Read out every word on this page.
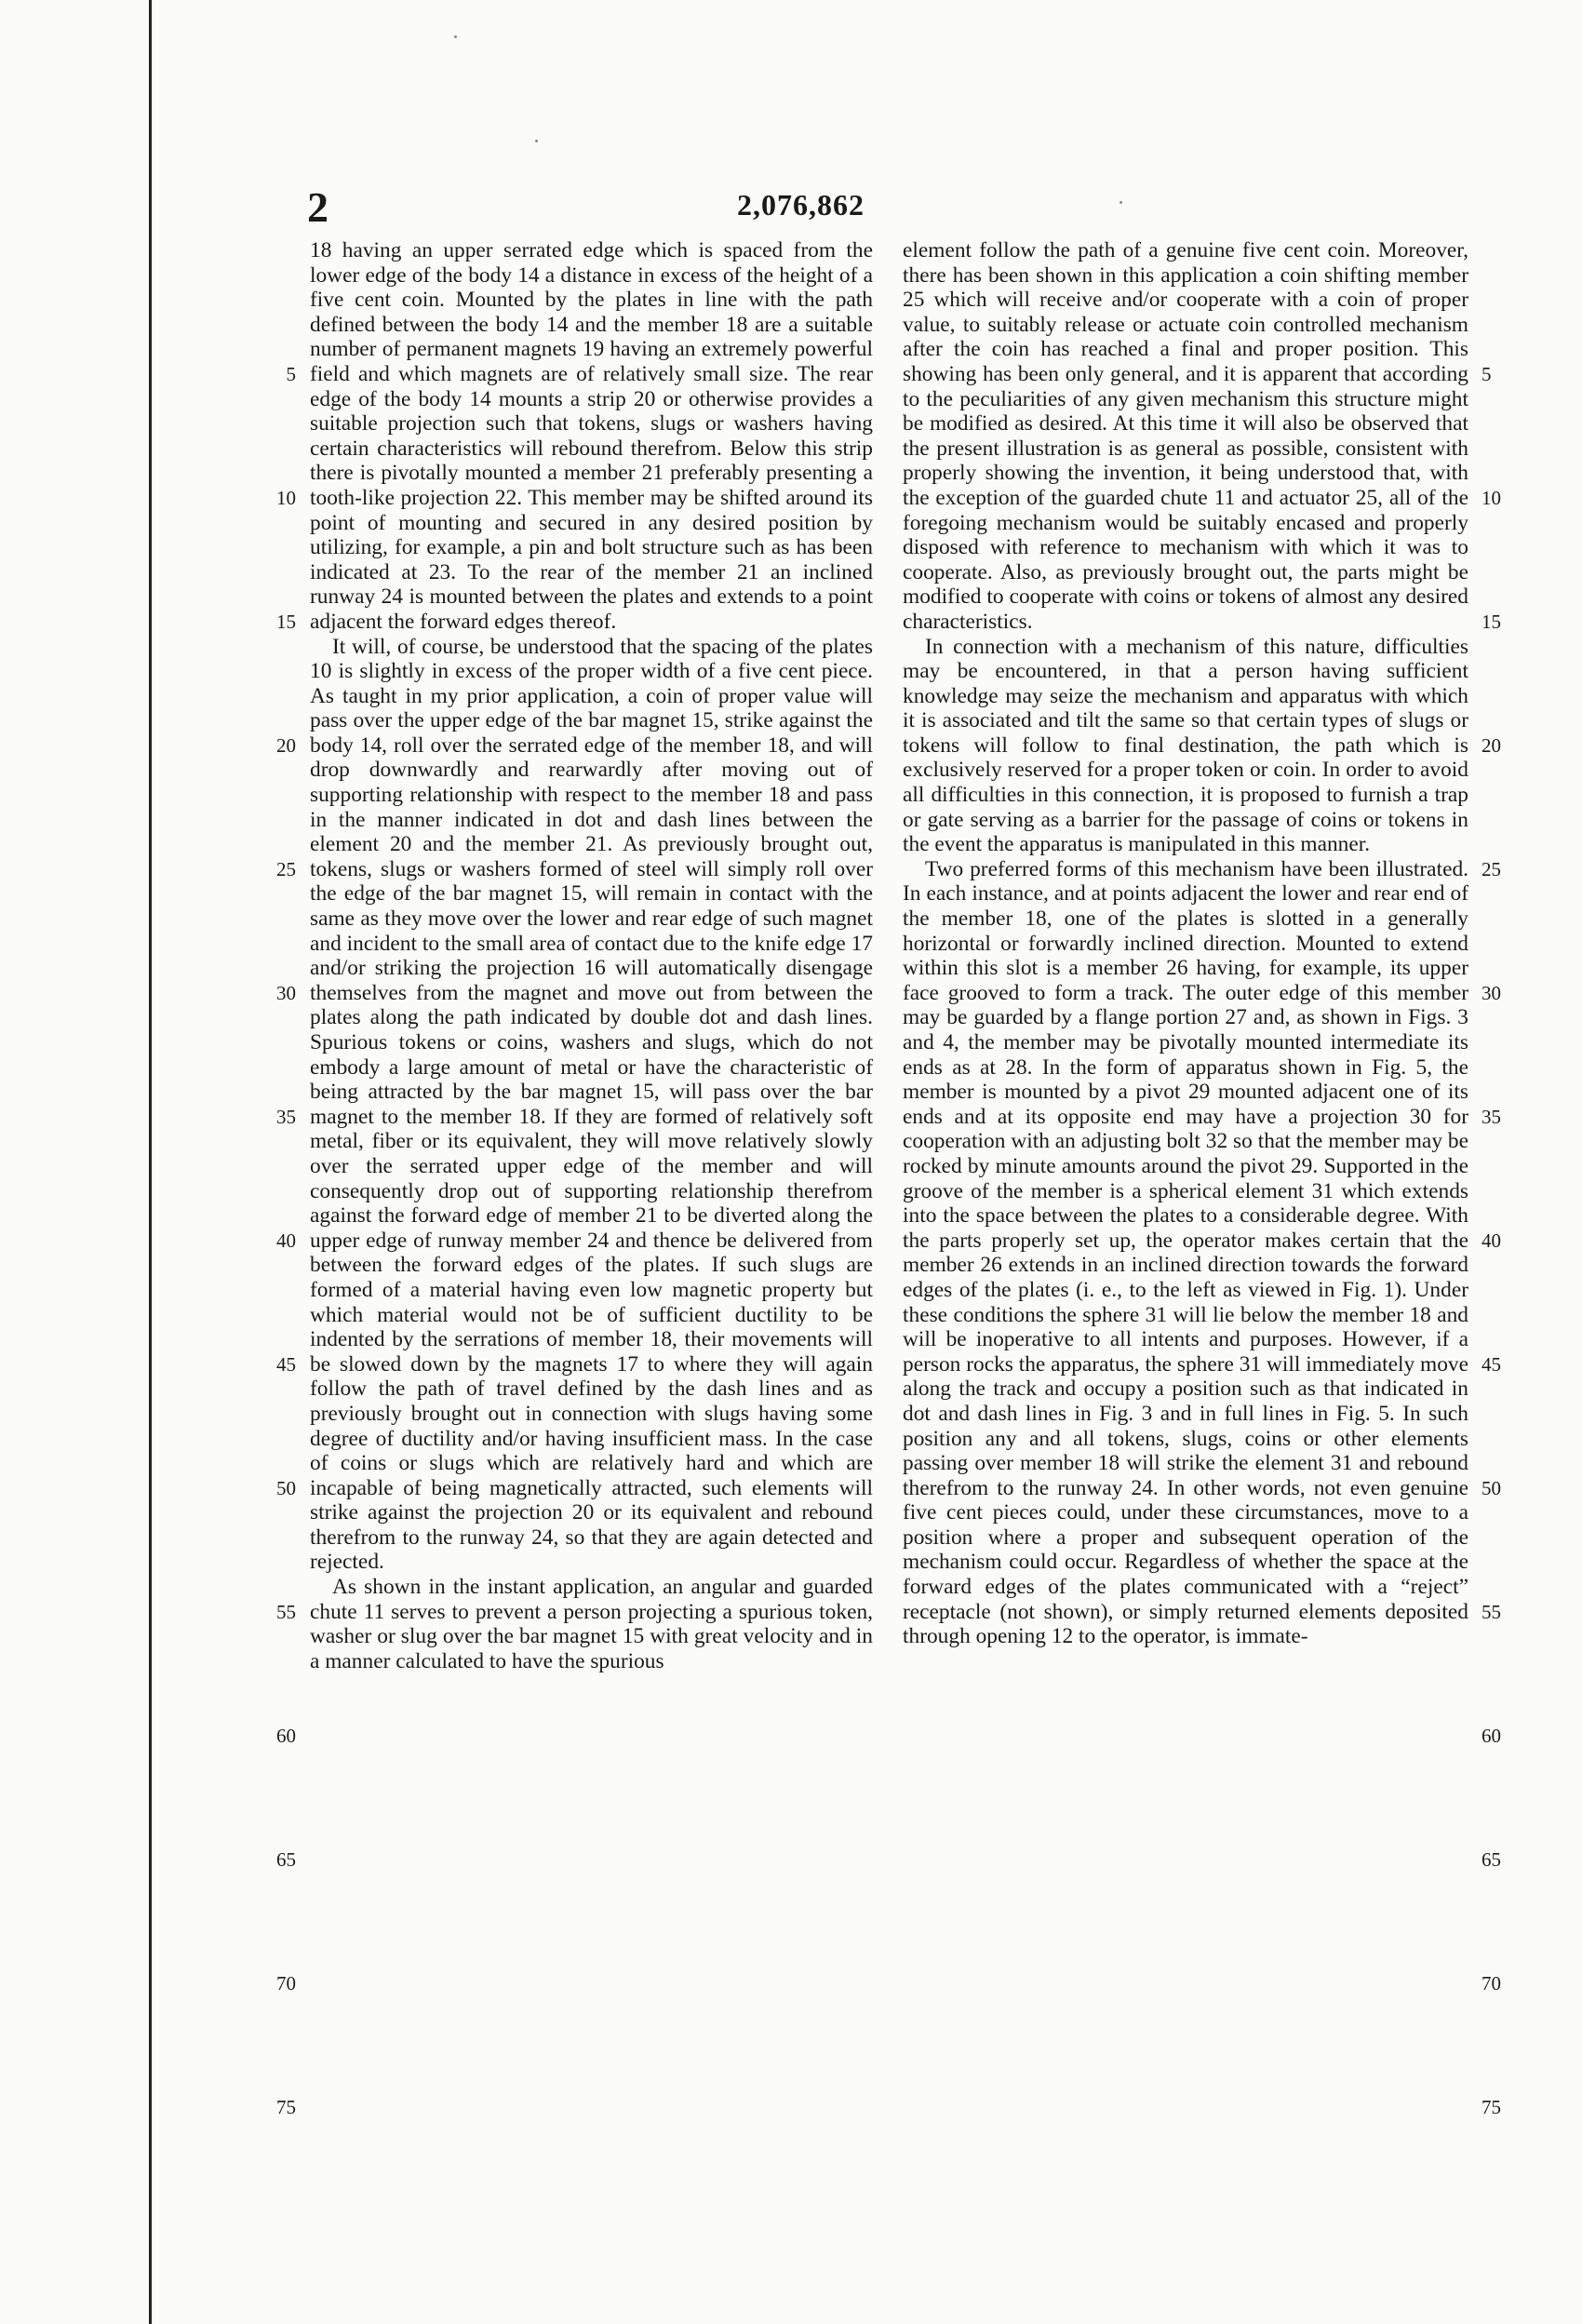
2	2,076,862

18 having an upper serrated edge which is spaced from the lower edge of the body 14 a distance in excess of the height of a five cent coin. Mounted by the plates in line with the path defined between the body 14 and the member 18 are a suitable number of permanent magnets 19 having an extremely powerful field and which magnets are of relatively small size. The rear edge of the body 14 mounts a strip 20 or otherwise provides a suitable projection such that tokens, slugs or washers having certain characteristics will rebound therefrom. Below this strip there is pivotally mounted a member 21 preferably presenting a tooth-like projection 22. This member may be shifted around its point of mounting and secured in any desired position by utilizing, for example, a pin and bolt structure such as has been indicated at 23. To the rear of the member 21 an inclined runway 24 is mounted between the plates and extends to a point adjacent the forward edges thereof.

It will, of course, be understood that the spacing of the plates 10 is slightly in excess of the proper width of a five cent piece. As taught in my prior application, a coin of proper value will pass over the upper edge of the bar magnet 15, strike against the body 14, roll over the serrated edge of the member 18, and will drop downwardly and rearwardly after moving out of supporting relationship with respect to the member 18 and pass in the manner indicated in dot and dash lines between the element 20 and the member 21. As previously brought out, tokens, slugs or washers formed of steel will simply roll over the edge of the bar magnet 15, will remain in contact with the same as they move over the lower and rear edge of such magnet and incident to the small area of contact due to the knife edge 17 and/or striking the projection 16 will automatically disengage themselves from the magnet and move out from between the plates along the path indicated by double dot and dash lines. Spurious tokens or coins, washers and slugs, which do not embody a large amount of metal or have the characteristic of being attracted by the bar magnet 15, will pass over the bar magnet to the member 18. If they are formed of relatively soft metal, fiber or its equivalent, they will move relatively slowly over the serrated upper edge of the member and will consequently drop out of supporting relationship therefrom against the forward edge of member 21 to be diverted along the upper edge of runway member 24 and thence be delivered from between the forward edges of the plates. If such slugs are formed of a material having even low magnetic property but which material would not be of sufficient ductility to be indented by the serrations of member 18, their movements will be slowed down by the magnets 17 to where they will again follow the path of travel defined by the dash lines and as previously brought out in connection with slugs having some degree of ductility and/or having insufficient mass. In the case of coins or slugs which are relatively hard and which are incapable of being magnetically attracted, such elements will strike against the projection 20 or its equivalent and rebound therefrom to the runway 24, so that they are again detected and rejected.

As shown in the instant application, an angular and guarded chute 11 serves to prevent a person projecting a spurious token, washer or slug over the bar magnet 15 with great velocity and in a manner calculated to have the spurious

element follow the path of a genuine five cent coin. Moreover, there has been shown in this application a coin shifting member 25 which will receive and/or cooperate with a coin of proper value, to suitably release or actuate coin controlled mechanism after the coin has reached a final and proper position. This showing has been only general, and it is apparent that according to the peculiarities of any given mechanism this structure might be modified as desired. At this time it will also be observed that the present illustration is as general as possible, consistent with properly showing the invention, it being understood that, with the exception of the guarded chute 11 and actuator 25, all of the foregoing mechanism would be suitably encased and properly disposed with reference to mechanism with which it was to cooperate. Also, as previously brought out, the parts might be modified to cooperate with coins or tokens of almost any desired characteristics.

In connection with a mechanism of this nature, difficulties may be encountered, in that a person having sufficient knowledge may seize the mechanism and apparatus with which it is associated and tilt the same so that certain types of slugs or tokens will follow to final destination, the path which is exclusively reserved for a proper token or coin. In order to avoid all difficulties in this connection, it is proposed to furnish a trap or gate serving as a barrier for the passage of coins or tokens in the event the apparatus is manipulated in this manner.

Two preferred forms of this mechanism have been illustrated. In each instance, and at points adjacent the lower and rear end of the member 18, one of the plates is slotted in a generally horizontal or forwardly inclined direction. Mounted to extend within this slot is a member 26 having, for example, its upper face grooved to form a track. The outer edge of this member may be guarded by a flange portion 27 and, as shown in Figs. 3 and 4, the member may be pivotally mounted intermediate its ends as at 28. In the form of apparatus shown in Fig. 5, the member is mounted by a pivot 29 mounted adjacent one of its ends and at its opposite end may have a projection 30 for cooperation with an adjusting bolt 32 so that the member may be rocked by minute amounts around the pivot 29. Supported in the groove of the member is a spherical element 31 which extends into the space between the plates to a considerable degree. With the parts properly set up, the operator makes certain that the member 26 extends in an inclined direction towards the forward edges of the plates (i. e., to the left as viewed in Fig. 1). Under these conditions the sphere 31 will lie below the member 18 and will be inoperative to all intents and purposes. However, if a person rocks the apparatus, the sphere 31 will immediately move along the track and occupy a position such as that indicated in dot and dash lines in Fig. 3 and in full lines in Fig. 5. In such position any and all tokens, slugs, coins or other elements passing over member 18 will strike the element 31 and rebound therefrom to the runway 24. In other words, not even genuine five cent pieces could, under these circumstances, move to a position where a proper and subsequent operation of the mechanism could occur. Regardless of whether the space at the forward edges of the plates communicated with a “reject” receptacle (not shown), or simply returned elements deposited through opening 12 to the operator, is immate-

5
10
15
20
25
30
35
40
45
50
55
60
65
70
75
5
10
15
20
25
30
35
40
45
50
55
60
65
70
75
